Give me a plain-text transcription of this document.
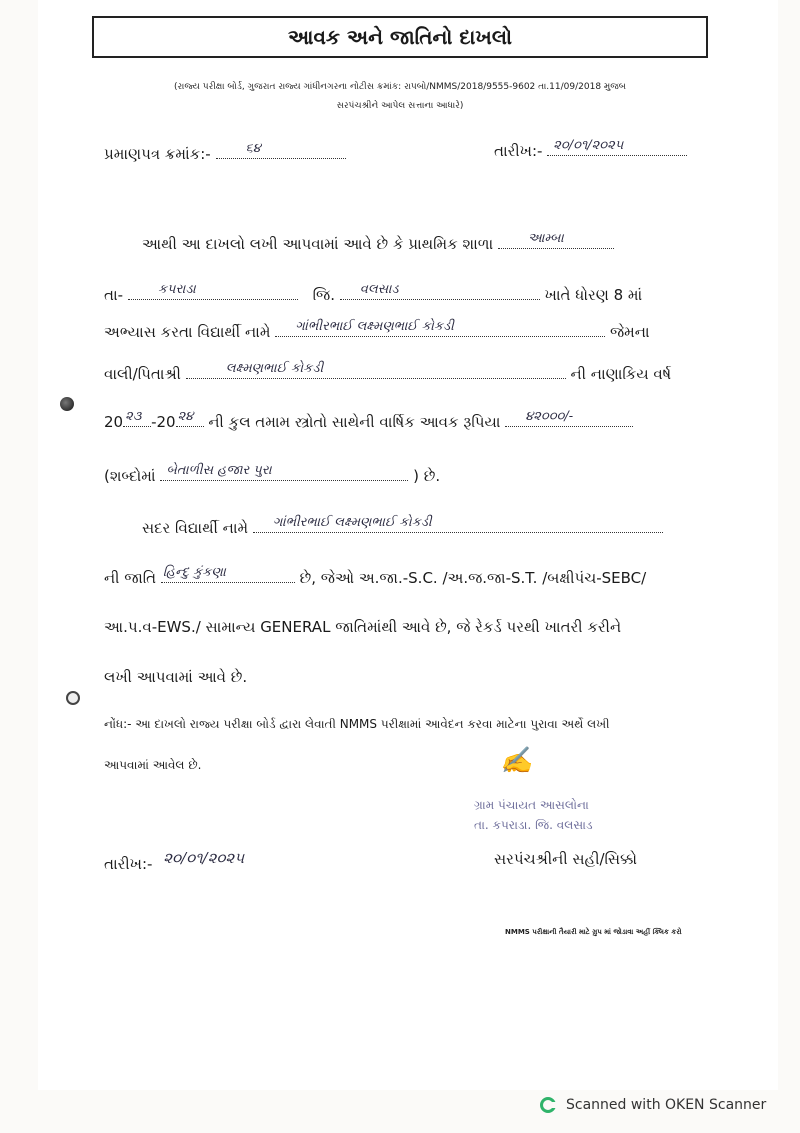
આવક અને જાતિનો દાખલો
(રાજ્ય પરીક્ષા બોર્ડ, ગુજરાત રાજ્ય ગાંધીનગરના નોટીસ ક્રમાંક: રાપબો/NMMS/2018/9555-9602 તા.11/09/2018 મુજબ
સરપંચશ્રીને આપેલ સત્તાના આધારે)
પ્રમાણપત્ર ક્રમાંક:-	૬૪	તારીખ:- ૨૦/૦૧/૨૦૨૫
આથી આ દાખલો લખી આપવામાં આવે છે કે પ્રાથમિક શાળા	આમ્બા
તા-	કપરાડા	જિ. વલસાડ	ખાતે ધોરણ 8 માં
અભ્યાસ કરતા વિદ્યાર્થી નામે ગાંભીરભાઈ લક્ષ્મણભાઈ કોકડી	જેમના
વાલી/પિતાશ્રી	લક્ષ્મણભાઈ કોકડી	ની નાણાકિય વર્ષ
20 ૨૩ -20 ૨૪ ની કુલ તમામ સ્ત્રોતો સાથેની વાર્ષિક આવક રૂપિયા ૪૨૦૦૦/-
(શબ્દોમાં બેતાળીસ હજાર પુરા	) છે.
સદર વિદ્યાર્થી નામે ગાંભીરભાઈ લક્ષ્મણભાઈ કોકડી
ની જાતિ હિન્દુ કુંકણા	છે, જેઓ અ.જા.-S.C. /અ.જ.જા-S.T. /બક્ષીપંચ-SEBC/
આ.પ.વ-EWS./ સામાન્ય GENERAL જાતિમાંથી આવે છે, જે રેકર્ડ પરથી ખાતરી કરીને
લખી આપવામાં આવે છે.
નોંધ:- આ દાખલો રાજ્ય પરીક્ષા બોર્ડ દ્વારા લેવાતી NMMS પરીક્ષામાં આવેદન કરવા માટેના પુરાવા અર્થે લખી
આપવામાં આવેલ છે.	✍
ગ્રામ પંચાયત આસલોના
તા. કપરાડા. જિ. વલસાડ
તારીખ:- ૨૦/૦૧/૨૦૨૫	સરપંચશ્રીની સહી/સિક્કો
NMMS પરીક્ષાની તૈયારી માટે ગ્રુપ માં જોડાવા અહીં ક્લિક કરો
Scanned with OKEN Scanner
